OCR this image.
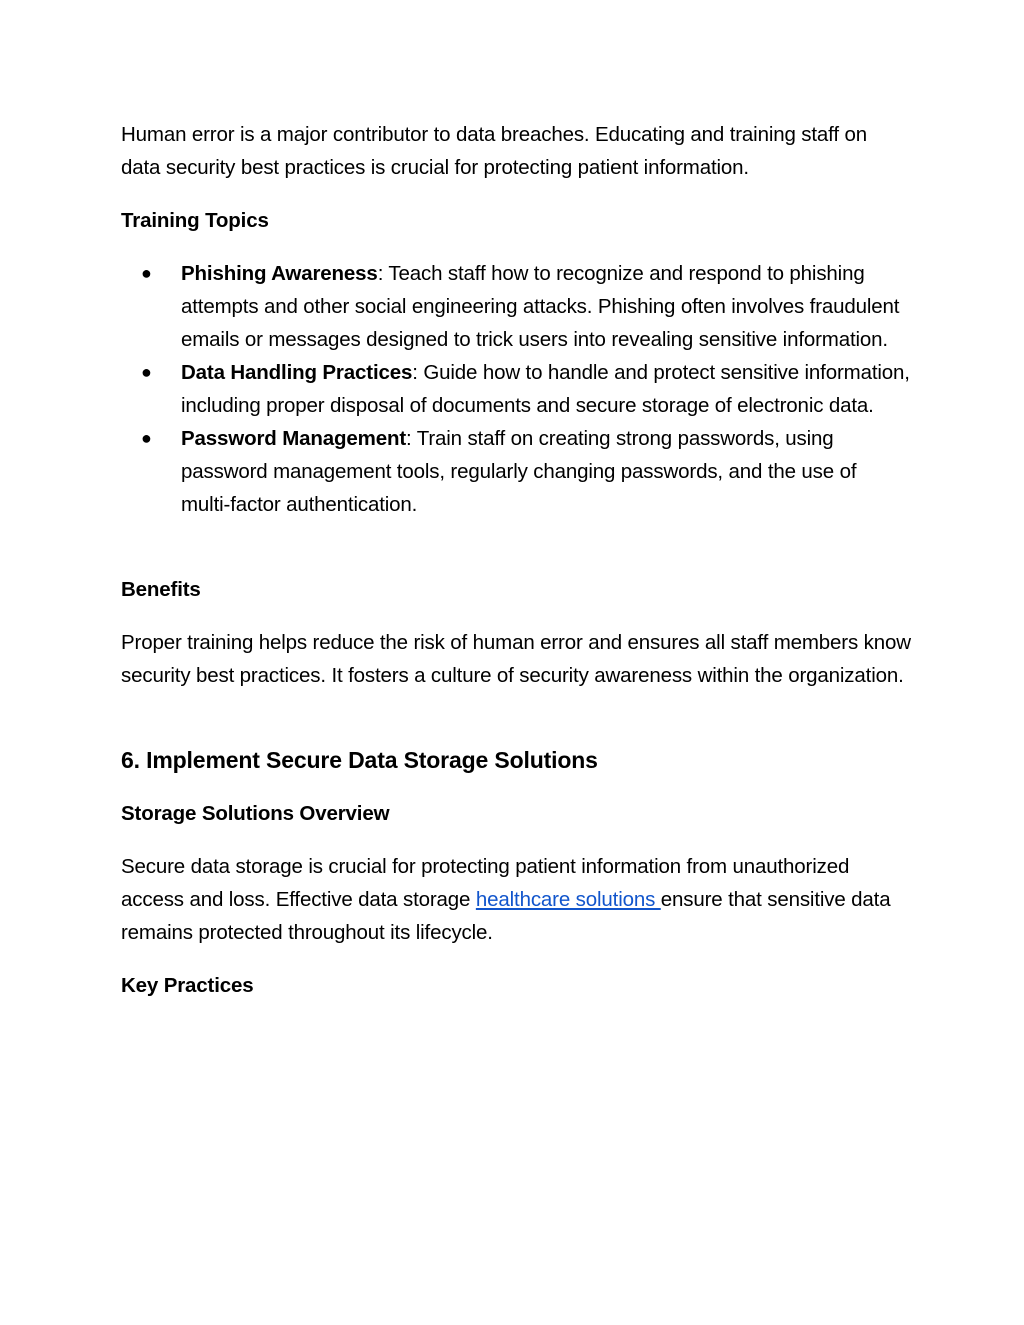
Human error is a major contributor to data breaches. Educating and training staff on data security best practices is crucial for protecting patient information.

Training Topics

● Phishing Awareness: Teach staff how to recognize and respond to phishing attempts and other social engineering attacks. Phishing often involves fraudulent emails or messages designed to trick users into revealing sensitive information.
● Data Handling Practices: Guide how to handle and protect sensitive information, including proper disposal of documents and secure storage of electronic data.
● Password Management: Train staff on creating strong passwords, using password management tools, regularly changing passwords, and the use of multi-factor authentication.

Benefits

Proper training helps reduce the risk of human error and ensures all staff members know security best practices. It fosters a culture of security awareness within the organization.

6. Implement Secure Data Storage Solutions

Storage Solutions Overview

Secure data storage is crucial for protecting patient information from unauthorized access and loss. Effective data storage healthcare solutions ensure that sensitive data remains protected throughout its lifecycle.

Key Practices
